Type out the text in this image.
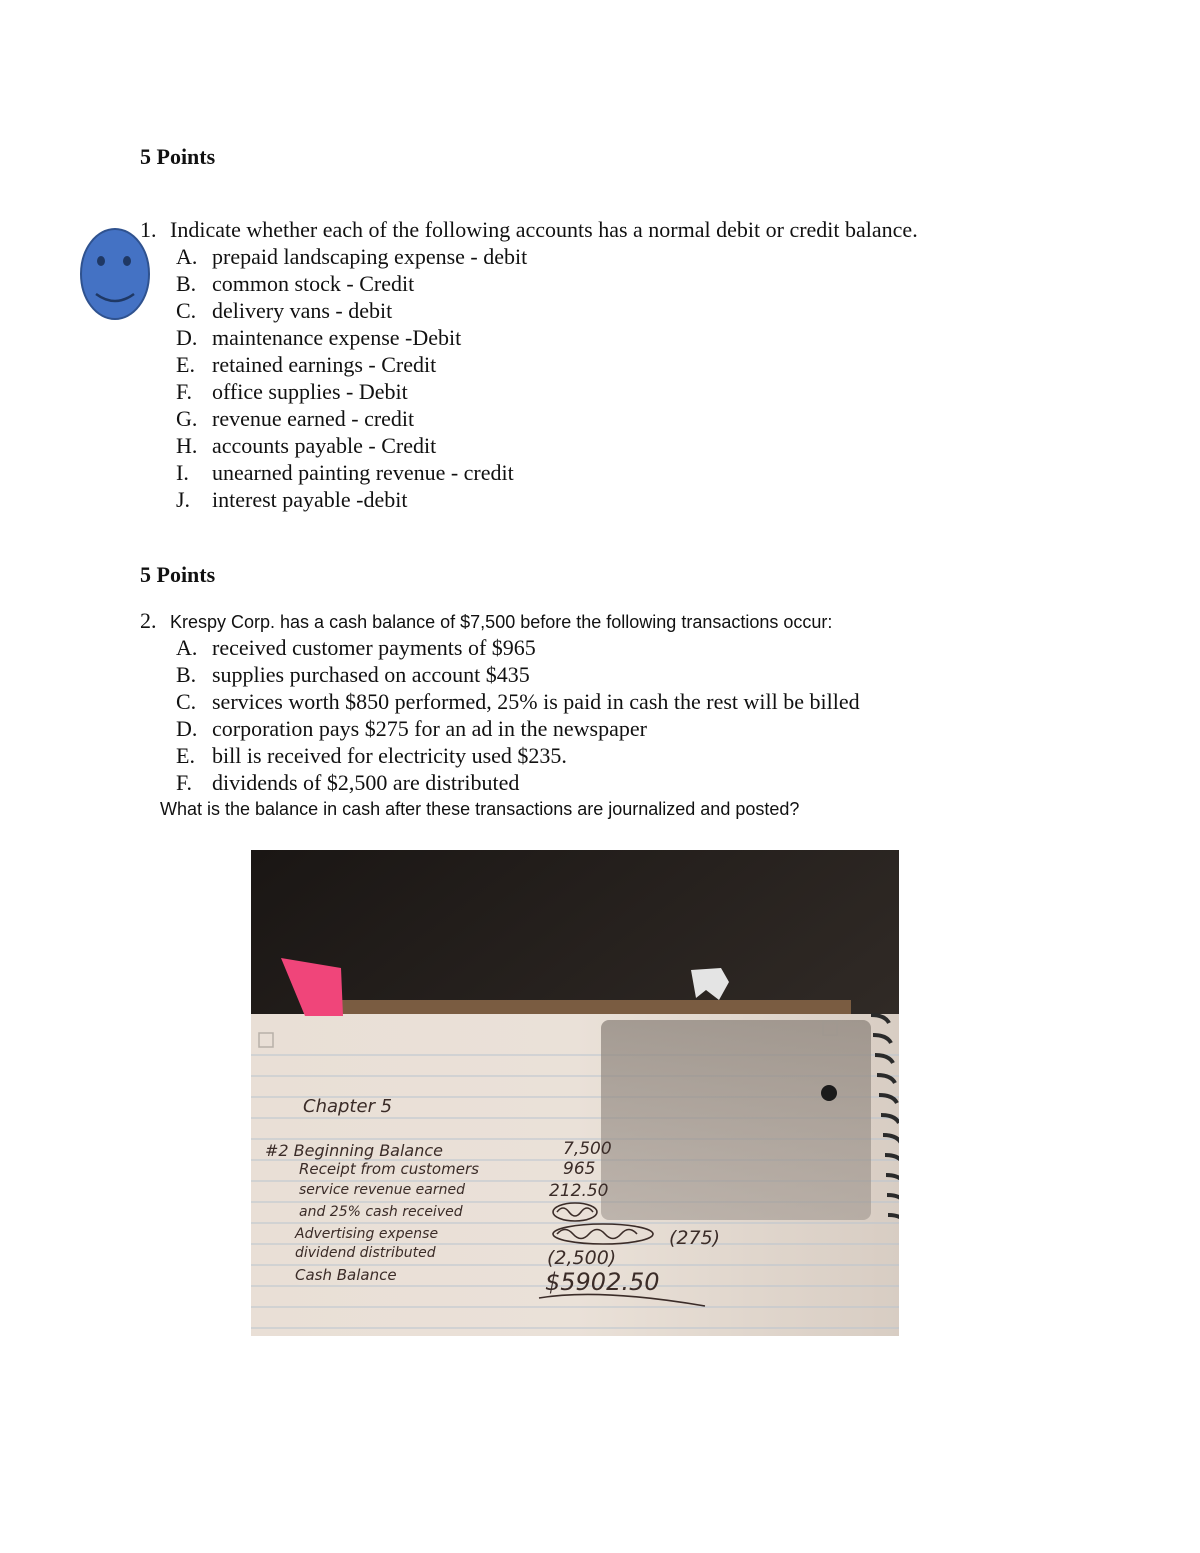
5 Points
1. Indicate whether each of the following accounts has a normal debit or credit balance.
A. prepaid landscaping expense - debit
B. common stock - Credit
C. delivery vans - debit
D. maintenance expense -Debit
E. retained earnings - Credit
F. office supplies - Debit
G. revenue earned - credit
H. accounts payable - Credit
I. unearned painting revenue - credit
J. interest payable -debit
5 Points
2. Krespy Corp. has a cash balance of $7,500 before the following transactions occur:
A. received customer payments of $965
B. supplies purchased on account $435
C. services worth $850 performed, 25% is paid in cash the rest will be billed
D. corporation pays $275 for an ad in the newspaper
E. bill is received for electricity used $235.
F. dividends of $2,500 are distributed
What is the balance in cash after these transactions are journalized and posted?
Chapter 5
#2 Beginning Balance
Receipt from customers
service revenue earned
and 25% cash received
Advertising expense
dividend distributed
Cash Balance
7,500
965
212.50
(275)
(2,500)
$5902.50
